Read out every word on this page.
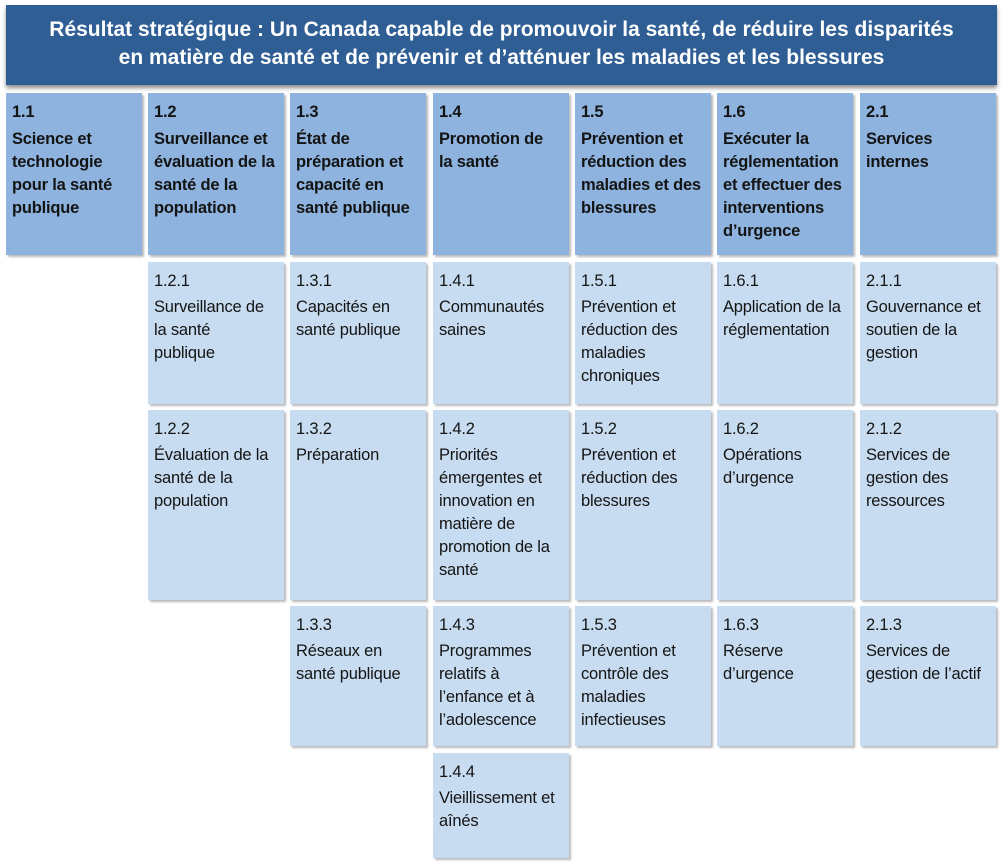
Résultat stratégique : Un Canada capable de promouvoir la santé, de réduire les disparités
en matière de santé et de prévenir et d’atténuer les maladies et les blessures
1.1
Science et
technologie
pour la santé
publique
1.2
Surveillance et
évaluation de la
santé de la
population
1.2.1
Surveillance de
la santé
publique
1.2.2
Évaluation de la
santé de la
population
1.3
État de
préparation et
capacité en
santé publique
1.3.1
Capacités en
santé publique
1.3.2
Préparation
1.3.3
Réseaux en
santé publique
1.4
Promotion de
la santé
1.4.1
Communautés
saines
1.4.2
Priorités
émergentes et
innovation en
matière de
promotion de la
santé
1.4.3
Programmes
relatifs à
l’enfance et à
l’adolescence
1.4.4
Vieillissement et
aînés
1.5
Prévention et
réduction des
maladies et des
blessures
1.5.1
Prévention et
réduction des
maladies
chroniques
1.5.2
Prévention et
réduction des
blessures
1.5.3
Prévention et
contrôle des
maladies
infectieuses
1.6
Exécuter la
réglementation
et effectuer des
interventions
d’urgence
1.6.1
Application de la
réglementation
1.6.2
Opérations
d’urgence
1.6.3
Réserve
d’urgence
2.1
Services
internes
2.1.1
Gouvernance et
soutien de la
gestion
2.1.2
Services de
gestion des
ressources
2.1.3
Services de
gestion de l’actif
